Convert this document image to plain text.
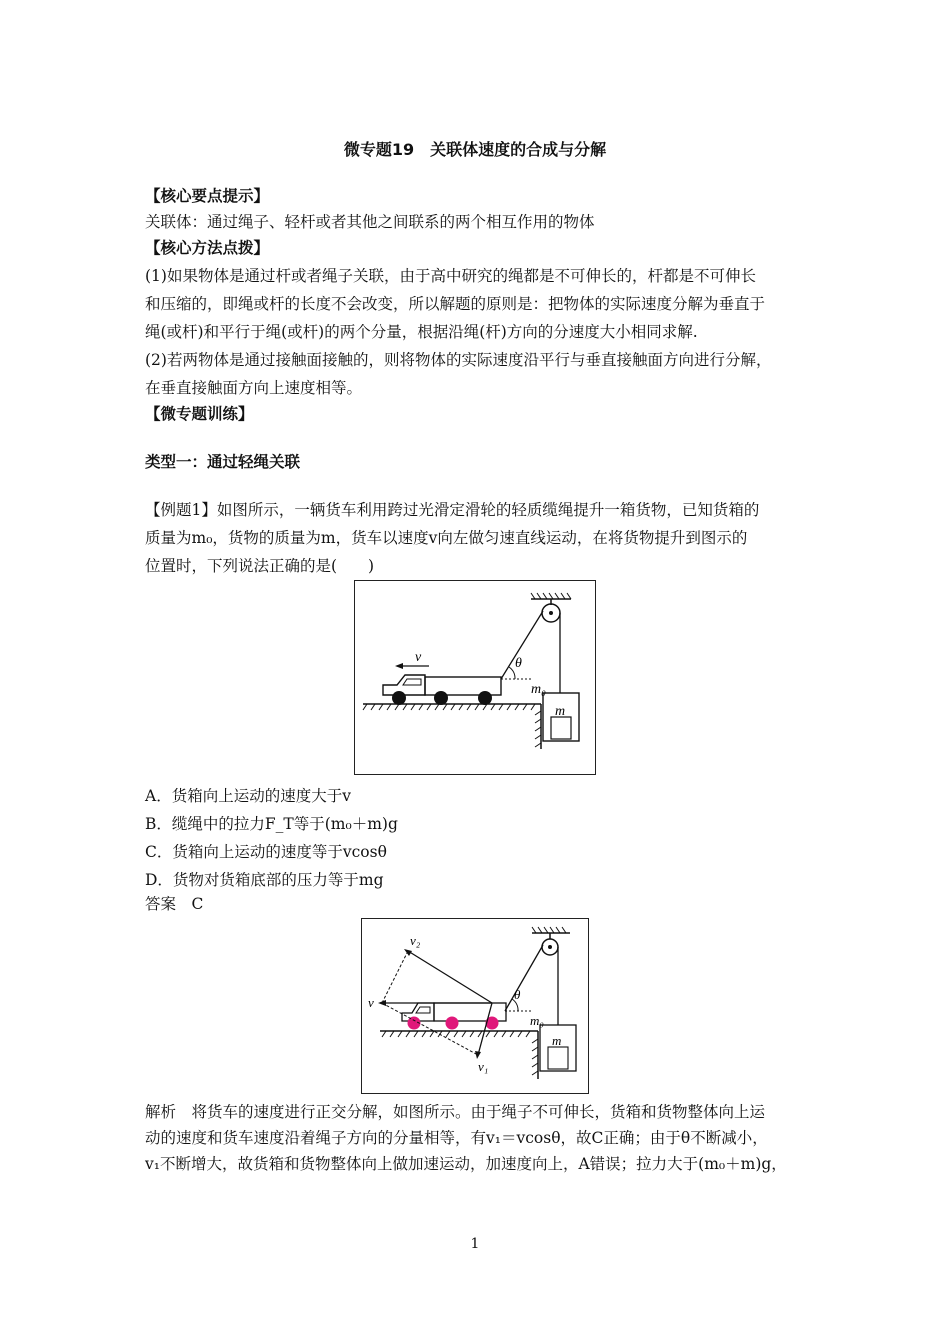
微专题19　关联体速度的合成与分解
【核心要点提示】
关联体：通过绳子、轻杆或者其他之间联系的两个相互作用的物体
【核心方法点拨】
(1)如果物体是通过杆或者绳子关联，由于高中研究的绳都是不可伸长的，杆都是不可伸长
和压缩的，即绳或杆的长度不会改变，所以解题的原则是：把物体的实际速度分解为垂直于
绳(或杆)和平行于绳(或杆)的两个分量，根据沿绳(杆)方向的分速度大小相同求解.
(2)若两物体是通过接触面接触的，则将物体的实际速度沿平行与垂直接触面方向进行分解，
在垂直接触面方向上速度相等。
【微专题训练】
类型一：通过轻绳关联
【例题1】如图所示，一辆货车利用跨过光滑定滑轮的轻质缆绳提升一箱货物，已知货箱的
质量为m₀，货物的质量为m，货车以速度v向左做匀速直线运动，在将货物提升到图示的
位置时，下列说法正确的是(　　)
θ
v
m
m₀
A．货箱向上运动的速度大于v
B．缆绳中的拉力F_T等于(m₀＋m)g
C．货箱向上运动的速度等于vcosθ
D．货物对货箱底部的压力等于mg
答案　C
θ
v
v₂
v₁
m
m₀
解析　将货车的速度进行正交分解，如图所示。由于绳子不可伸长，货箱和货物整体向上运
动的速度和货车速度沿着绳子方向的分量相等，有v₁＝vcosθ，故C正确；由于θ不断减小，
v₁不断增大，故货箱和货物整体向上做加速运动，加速度向上，A错误；拉力大于(m₀＋m)g，
1
